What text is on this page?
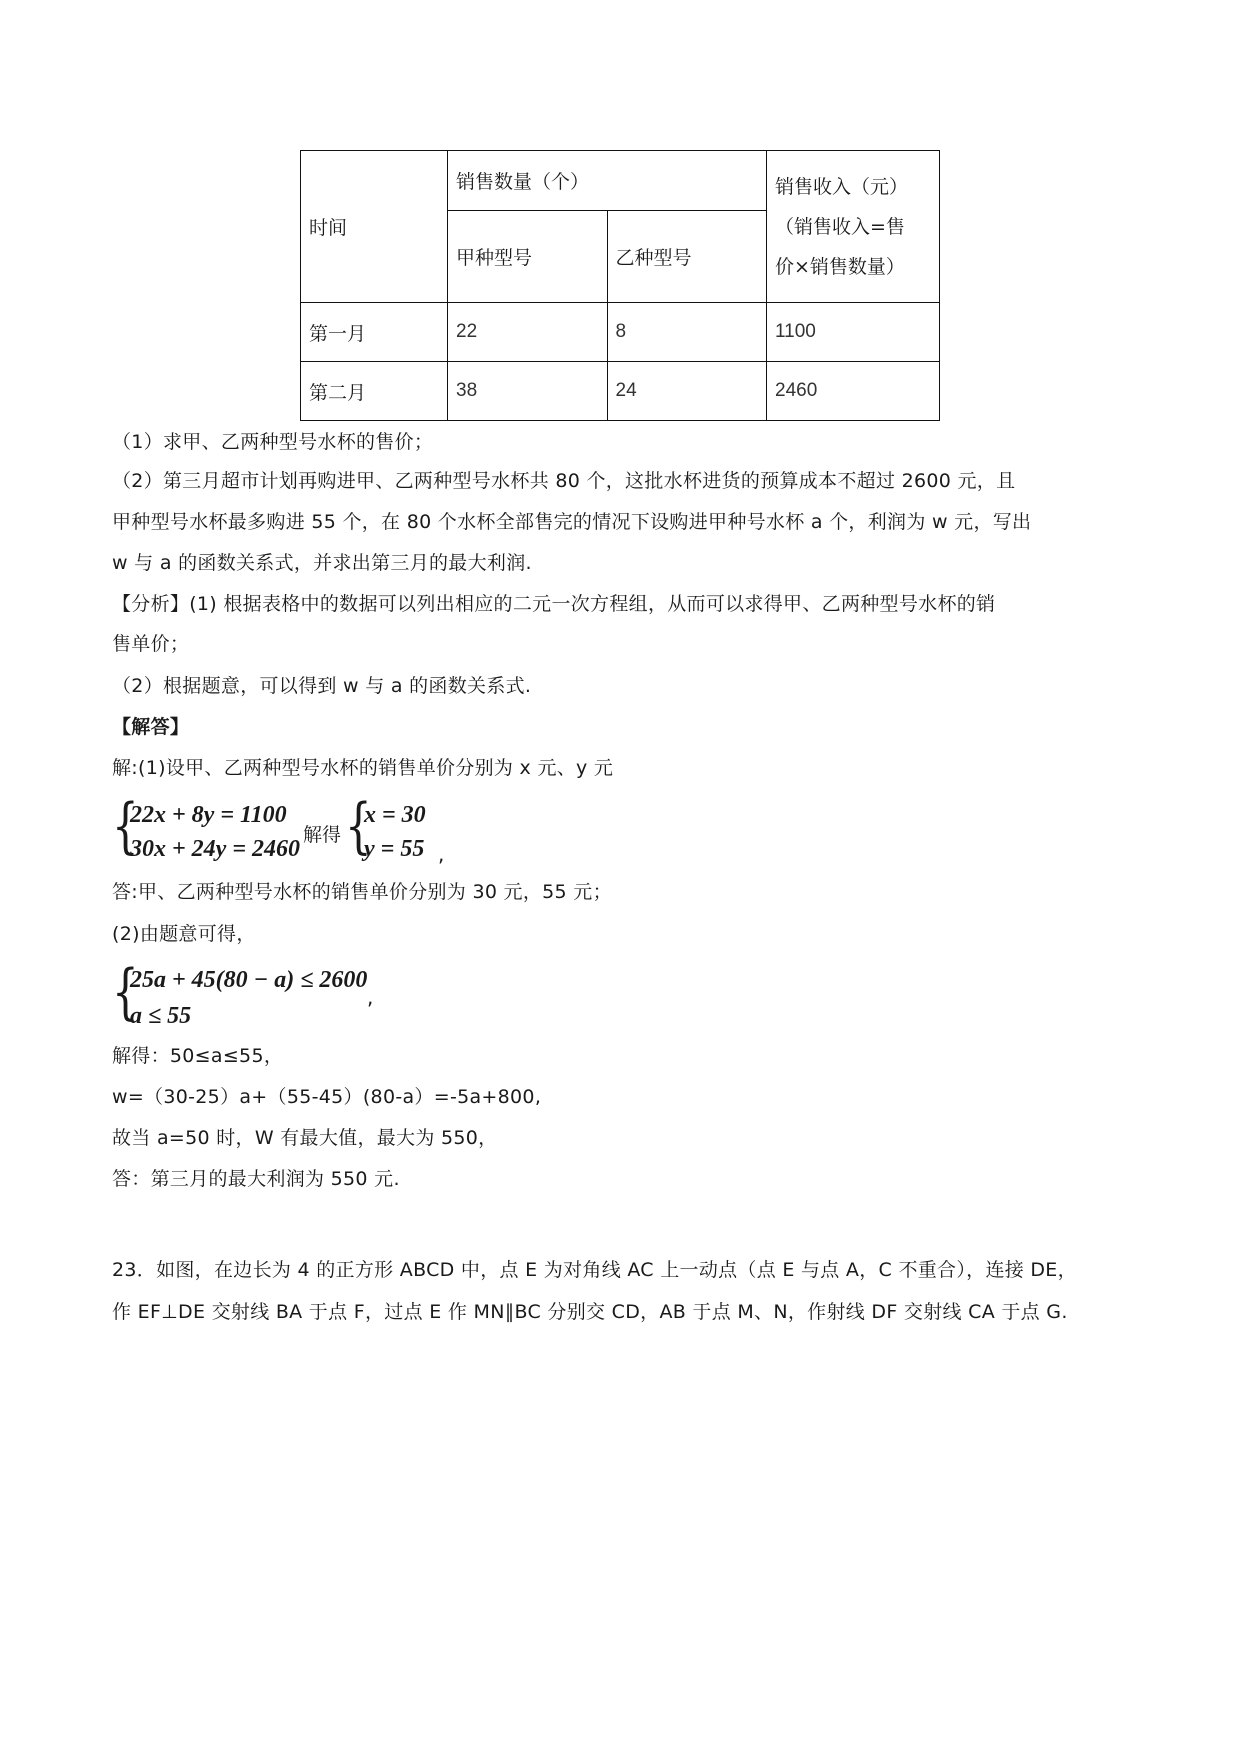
时间	销售数量（个）		销售收入（元）
（销售收入=售
价×销售数量）

	甲种型号	乙种型号	
第一月	22	8	1100
第二月	38	24	2460
（1）求甲、乙两种型号水杯的售价；
（2）第三月超市计划再购进甲、乙两种型号水杯共 80 个，这批水杯进货的预算成本不超过 2600 元，且
甲种型号水杯最多购进 55 个，在 80 个水杯全部售完的情况下设购进甲种号水杯 a 个，利润为 w 元，写出
w 与 a 的函数关系式，并求出第三月的最大利润.
【分析】(1) 根据表格中的数据可以列出相应的二元一次方程组，从而可以求得甲、乙两种型号水杯的销
售单价；
（2）根据题意，可以得到 w 与 a 的函数关系式.
【解答】
解:(1)设甲、乙两种型号水杯的销售单价分别为 x 元、y 元
{
22x + 8y = 1100
30x + 24y = 2460
解得 {
x = 30
y = 55 ,
答:甲、乙两种型号水杯的销售单价分别为 30 元，55 元；
(2)由题意可得，
{
25a + 45(80 − a) ≤ 2600
a ≤ 55
,
解得：50≤a≤55，
w=（30-25）a+（55-45）(80-a）=-5a+800,
故当 a=50 时，W 有最大值，最大为 550，
答：第三月的最大利润为 550 元.
23．如图，在边长为 4 的正方形 ABCD 中，点 E 为对角线 AC 上一动点（点 E 与点 A，C 不重合），连接 DE，
作 EF⊥DE 交射线 BA 于点 F，过点 E 作 MN∥BC 分别交 CD，AB 于点 M、N，作射线 DF 交射线 CA 于点 G.
